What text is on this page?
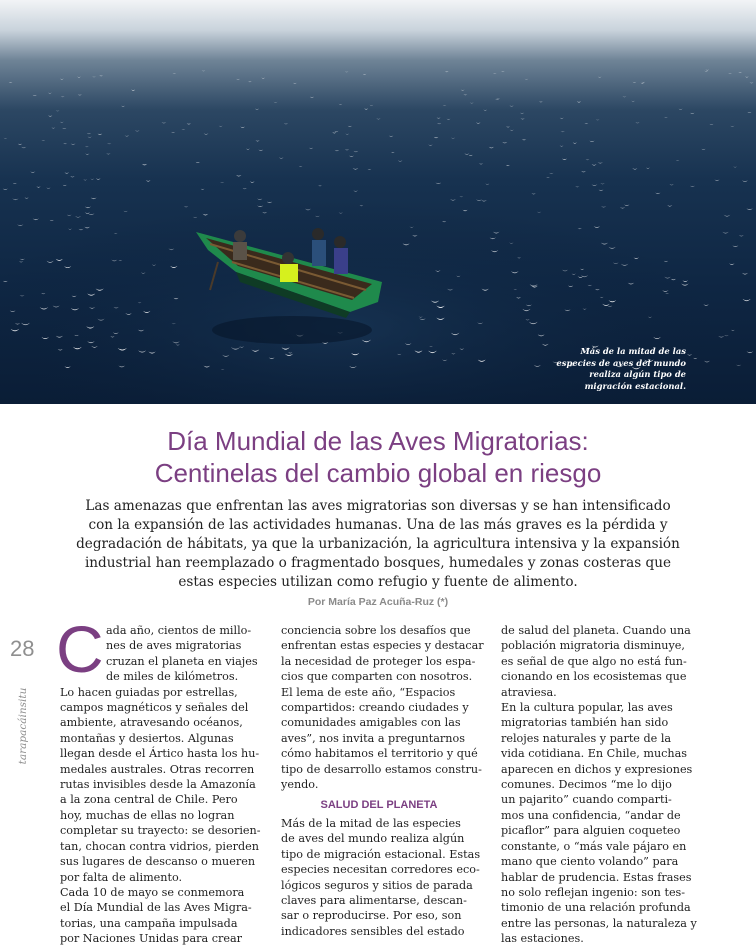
Más de la mitad de las
especies de aves del mundo
realiza algún tipo de
migración estacional.
Día Mundial de las Aves Migratorias:
Centinelas del cambio global en riesgo
Las amenazas que enfrentan las aves migratorias son diversas y se han intensificado con la expansión de las actividades humanas. Una de las más graves es la pérdida y degradación de hábitats, ya que la urbanización, la agricultura intensiva y la expansión industrial han reemplazado o fragmentado bosques, humedales y zonas costeras que estas especies utilizan como refugio y fuente de alimento.
Por María Paz Acuña-Ruz (*)
28
tarapacáinsitu
C ada año, cientos de millo-
nes de aves migratorias
cruzan el planeta en viajes
de miles de kilómetros.
Lo hacen guiadas por estrellas,
campos magnéticos y señales del
ambiente, atravesando océanos,
montañas y desiertos. Algunas
llegan desde el Ártico hasta los hu-
medales australes. Otras recorren
rutas invisibles desde la Amazonía
a la zona central de Chile. Pero
hoy, muchas de ellas no logran
completar su trayecto: se desorien-
tan, chocan contra vidrios, pierden
sus lugares de descanso o mueren
por falta de alimento.
Cada 10 de mayo se conmemora
el Día Mundial de las Aves Migra-
torias, una campaña impulsada
por Naciones Unidas para crear
conciencia sobre los desafíos que
enfrentan estas especies y destacar
la necesidad de proteger los espa-
cios que comparten con nosotros.
El lema de este año, “Espacios
compartidos: creando ciudades y
comunidades amigables con las
aves”, nos invita a preguntarnos
cómo habitamos el territorio y qué
tipo de desarrollo estamos constru-
yendo.
SALUD DEL PLANETA
Más de la mitad de las especies
de aves del mundo realiza algún
tipo de migración estacional. Estas
especies necesitan corredores eco-
lógicos seguros y sitios de parada
claves para alimentarse, descan-
sar o reproducirse. Por eso, son
indicadores sensibles del estado
de salud del planeta. Cuando una
población migratoria disminuye,
es señal de que algo no está fun-
cionando en los ecosistemas que
atraviesa.
En la cultura popular, las aves
migratorias también han sido
relojes naturales y parte de la
vida cotidiana. En Chile, muchas
aparecen en dichos y expresiones
comunes. Decimos “me lo dijo
un pajarito” cuando comparti-
mos una confidencia, “andar de
picaflor” para alguien coqueteo
constante, o “más vale pájaro en
mano que ciento volando” para
hablar de prudencia. Estas frases
no solo reflejan ingenio: son tes-
timonio de una relación profunda
entre las personas, la naturaleza y
las estaciones.
